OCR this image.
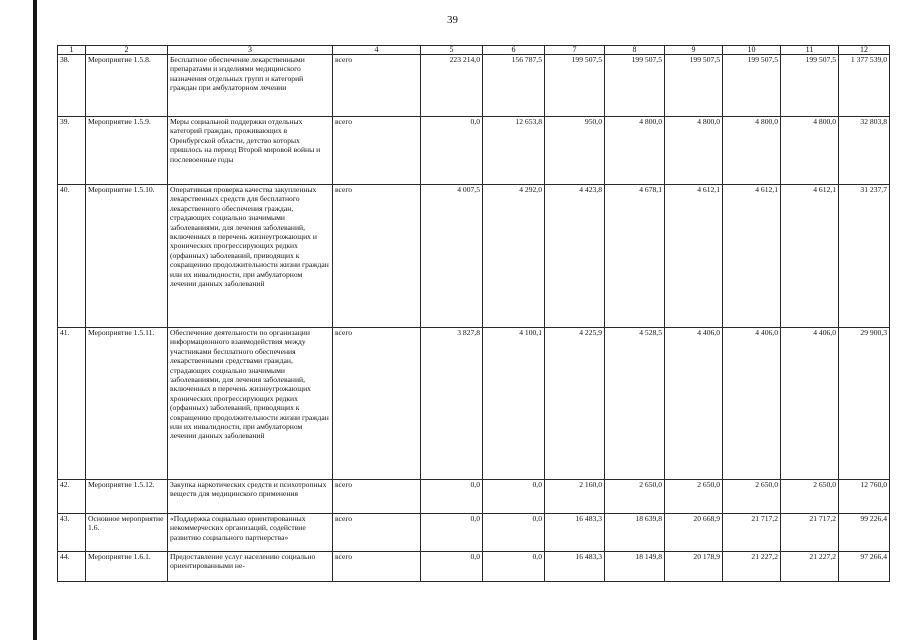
39
1	2	3	4	5	6	7	8	9	10	11	12
38.	Мероприятие 1.5.8.	Бесплатное обеспечение лекарственными препаратами и изделиями медицинского назначения отдельных групп и категорий граждан при амбулаторном лечении	всего	223 214,0	156 787,5	199 507,5	199 507,5	199 507,5	199 507,5	199 507,5	1 377 539,0
39.	Мероприятие 1.5.9.	Меры социальной поддержки отдельных категорий граждан, проживающих в Оренбургской области, детство которых пришлось на период Второй мировой войны и послевоенные годы	всего	0,0	12 653,8	950,0	4 800,0	4 800,0	4 800,0	4 800,0	32 803,8
40.	Мероприятие 1.5.10.	Оперативная проверка качества закупленных лекарственных средств для бесплатного лекарственного обеспечения граждан, страдающих социально значимыми заболеваниями, для лечения заболеваний, включенных в перечень жизнеугрожающих и хронических прогрессирующих редких (орфанных) заболеваний, приводящих к сокращению продолжительности жизни граждан или их инвалидности, при амбулаторном лечении данных заболеваний	всего	4 007,5	4 292,0	4 423,8	4 678,1	4 612,1	4 612,1	4 612,1	31 237,7
41.	Мероприятие 1.5.11.	Обеспечение деятельности по организации информационного взаимодействия между участниками бесплатного обеспечения лекарственными средствами граждан, страдающих социально значимыми заболеваниями, для лечения заболеваний, включенных в перечень жизнеугрожающих хронических прогрессирующих редких (орфанных) заболеваний, приводящих к сокращению продолжительности жизни граждан или их инвалидности, при амбулаторном лечении данных заболеваний	всего	3 827,8	4 100,1	4 225,9	4 528,5	4 406,0	4 406,0	4 406,0	29 900,3
42.	Мероприятие 1.5.12.	Закупка наркотических средств и психотропных веществ для медицинского применения	всего	0,0	0,0	2 160,0	2 650,0	2 650,0	2 650,0	2 650,0	12 760,0
43.	Основное мероприятие 1.6.	«Поддержка социально ориентированных некоммерческих организаций, содействие развитию социального партнерства»	всего	0,0	0,0	16 483,3	18 639,8	20 668,9	21 717,2	21 717,2	99 226,4
44.	Мероприятие 1.6.1.	Предоставление услуг населению социально ориентированными не-	всего	0,0	0,0	16 483,3	18 149,8	20 178,9	21 227,2	21 227,2	97 266,4
